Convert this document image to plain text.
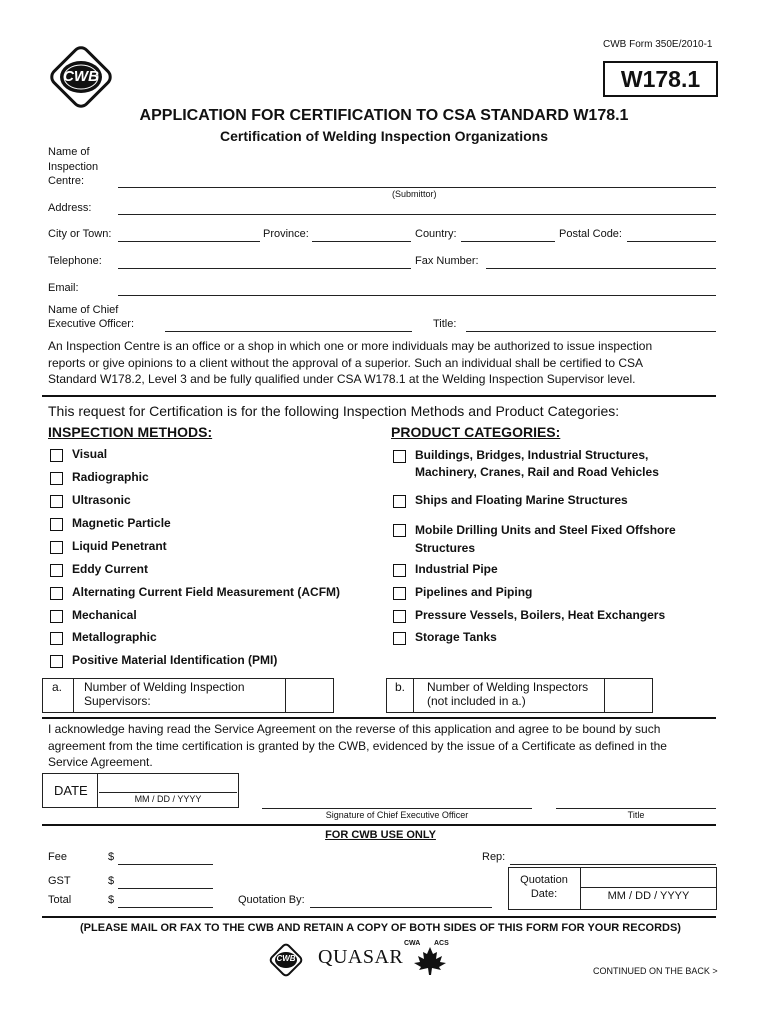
CWB
CWB Form 350E/2010-1
W178.1
APPLICATION FOR CERTIFICATION TO CSA STANDARD W178.1
Certification of Welding Inspection Organizations
Name of
Inspection
Centre:
(Submittor)
Address:
City or Town:	Province:	Country:	Postal Code:
Telephone:	Fax Number:
Email:
Name of Chief
Executive Officer:	Title:
An Inspection Centre is an office or a shop in which one or more individuals may be authorized to issue inspection
reports or give opinions to a client without the approval of a superior. Such an individual shall be certified to CSA
Standard W178.2, Level 3 and be fully qualified under CSA W178.1 at the Welding Inspection Supervisor level.
This request for Certification is for the following Inspection Methods and Product Categories:
INSPECTION METHODS:
Visual
Radiographic
Ultrasonic
Magnetic Particle
Liquid Penetrant
Eddy Current
Alternating Current Field Measurement (ACFM)
Mechanical
Metallographic
Positive Material Identification (PMI)
PRODUCT CATEGORIES:
Buildings, Bridges, Industrial Structures,
Machinery, Cranes, Rail and Road Vehicles
Ships and Floating Marine Structures
Mobile Drilling Units and Steel Fixed Offshore
Structures
Industrial Pipe
Pipelines and Piping
Pressure Vessels, Boilers, Heat Exchangers
Storage Tanks
a. Number of Welding Inspection
Supervisors:
b. Number of Welding Inspectors
(not included in a.)
I acknowledge having read the Service Agreement on the reverse of this application and agree to be bound by such
agreement from the time certification is granted by the CWB, evidenced by the issue of a Certificate as defined in the
Service Agreement.
DATE
MM / DD / YYYY
Signature of Chief Executive Officer	Title
FOR CWB USE ONLY
Fee	$	Rep:
GST	$
Total	$	Quotation By:
Quotation
Date:	MM / DD / YYYY
(PLEASE MAIL OR FAX TO THE CWB AND RETAIN A COPY OF BOTH SIDES OF THIS FORM FOR YOUR RECORDS)
CWB	QUASAR
CWA ACS
CONTINUED ON THE BACK >
